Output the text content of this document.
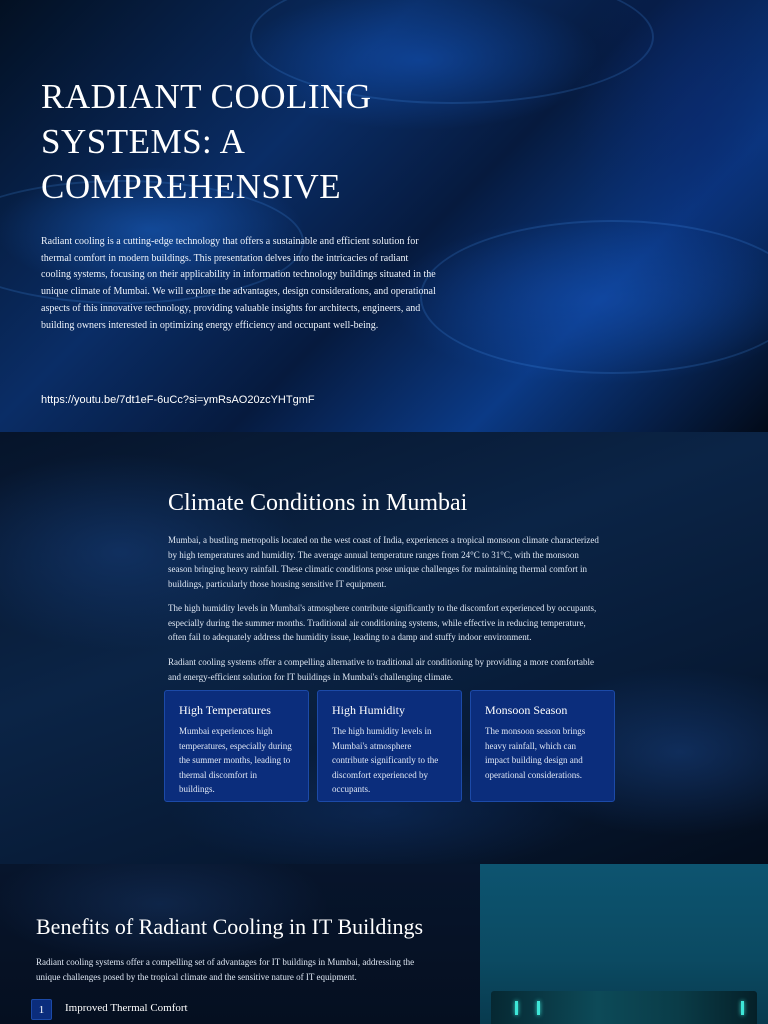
RADIANT COOLING SYSTEMS: A COMPREHENSIVE

Radiant cooling is a cutting-edge technology that offers a sustainable and efficient solution for thermal comfort in modern buildings. This presentation delves into the intricacies of radiant cooling systems, focusing on their applicability in information technology buildings situated in the unique climate of Mumbai. We will explore the advantages, design considerations, and operational aspects of this innovative technology, providing valuable insights for architects, engineers, and building owners interested in optimizing energy efficiency and occupant well-being.

https://youtu.be/7dt1eF-6uCc?si=ymRsAO20zcYHTgmF
Climate Conditions in Mumbai

Mumbai, a bustling metropolis located on the west coast of India, experiences a tropical monsoon climate characterized by high temperatures and humidity. The average annual temperature ranges from 24°C to 31°C, with the monsoon season bringing heavy rainfall. These climatic conditions pose unique challenges for maintaining thermal comfort in buildings, particularly those housing sensitive IT equipment.

The high humidity levels in Mumbai's atmosphere contribute significantly to the discomfort experienced by occupants, especially during the summer months. Traditional air conditioning systems, while effective in reducing temperature, often fail to adequately address the humidity issue, leading to a damp and stuffy indoor environment.

Radiant cooling systems offer a compelling alternative to traditional air conditioning by providing a more comfortable and energy-efficient solution for IT buildings in Mumbai's challenging climate.

High Temperatures
Mumbai experiences high temperatures, especially during the summer months, leading to thermal discomfort in buildings.
High Humidity
The high humidity levels in Mumbai's atmosphere contribute significantly to the discomfort experienced by occupants.
Monsoon Season
The monsoon season brings heavy rainfall, which can impact building design and operational considerations.
Benefits of Radiant Cooling in IT Buildings

Radiant cooling systems offer a compelling set of advantages for IT buildings in Mumbai, addressing the unique challenges posed by the tropical climate and the sensitive nature of IT equipment.

1	Improved Thermal Comfort
